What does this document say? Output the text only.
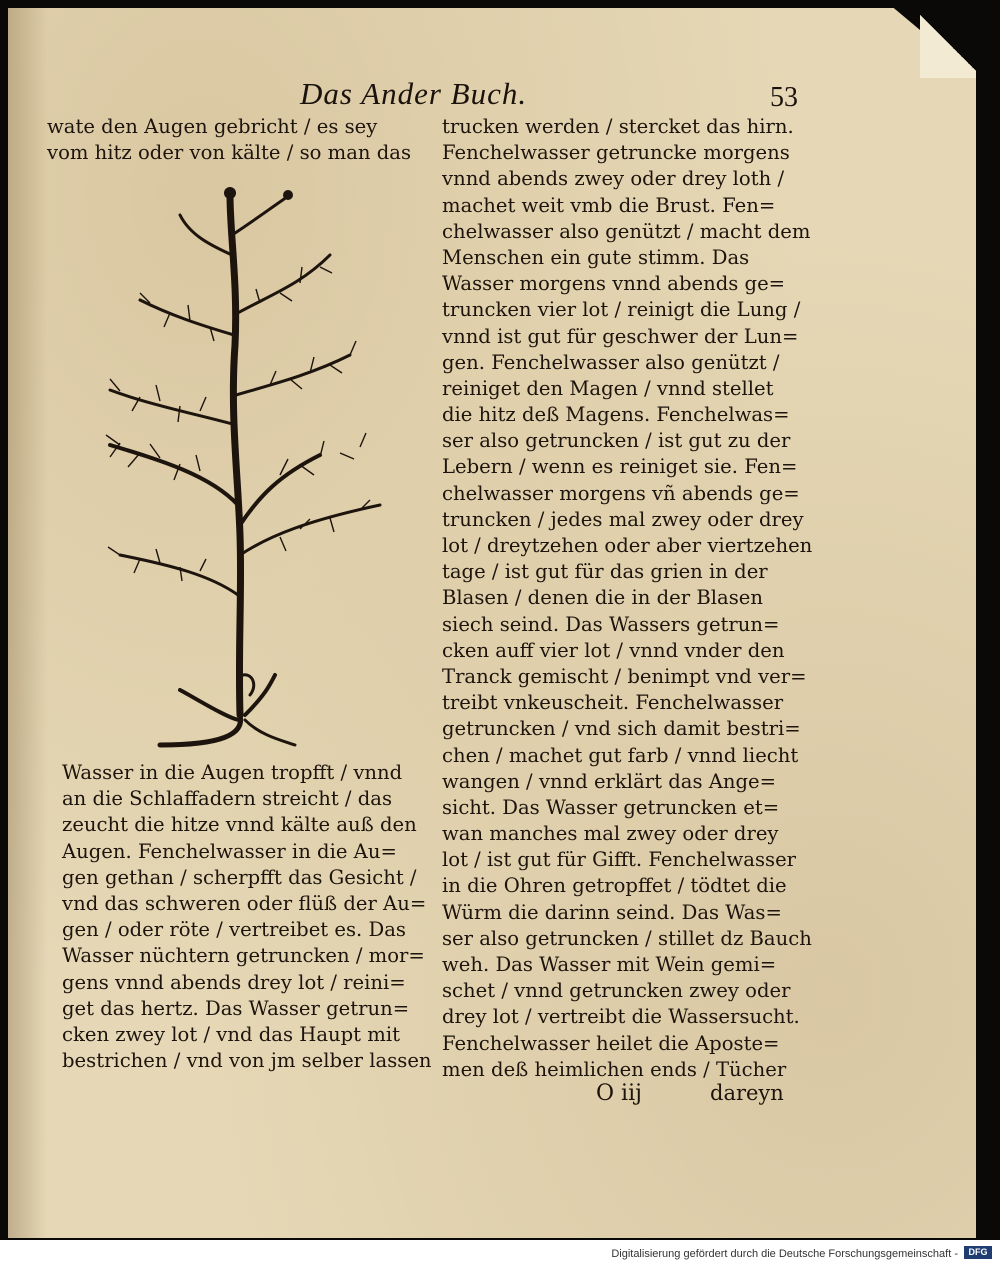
Das Ander Buch.	53
wate den Augen gebricht / es sey
vom hitz oder von kälte / so man das
Wasser in die Augen tropfft / vnnd
an die Schlaffadern streicht / das
zeucht die hitze vnnd kälte auß den
Augen. Fenchelwasser in die Au=
gen gethan / scherpfft das Gesicht /
vnd das schweren oder flüß der Au=
gen / oder röte / vertreibet es. Das
Wasser nüchtern getruncken / mor=
gens vnnd abends drey lot / reini=
get das hertz. Das Wasser getrun=
cken zwey lot / vnd das Haupt mit
bestrichen / vnd von jm selber lassen
trucken werden / stercket das hirn.
Fenchelwasser getruncke morgens
vnnd abends zwey oder drey loth /
machet weit vmb die Brust. Fen=
chelwasser also genützt / macht dem
Menschen ein gute stimm. Das
Wasser morgens vnnd abends ge=
truncken vier lot / reinigt die Lung /
vnnd ist gut für geschwer der Lun=
gen. Fenchelwasser also genützt /
reiniget den Magen / vnnd stellet
die hitz deß Magens. Fenchelwas=
ser also getruncken / ist gut zu der
Lebern / wenn es reiniget sie. Fen=
chelwasser morgens vñ abends ge=
truncken / jedes mal zwey oder drey
lot / dreytzehen oder aber viertzehen
tage / ist gut für das grien in der
Blasen / denen die in der Blasen
siech seind. Das Wassers getrun=
cken auff vier lot / vnnd vnder den
Tranck gemischt / benimpt vnd ver=
treibt vnkeuscheit. Fenchelwasser
getruncken / vnd sich damit bestri=
chen / machet gut farb / vnnd liecht
wangen / vnnd erklärt das Ange=
sicht. Das Wasser getruncken et=
wan manches mal zwey oder drey
lot / ist gut für Gifft. Fenchelwasser
in die Ohren getropffet / tödtet die
Würm die darinn seind. Das Was=
ser also getruncken / stillet dz Bauch
weh. Das Wasser mit Wein gemi=
schet / vnnd getruncken zwey oder
drey lot / vertreibt die Wassersucht.
Fenchelwasser heilet die Aposte=
men deß heimlichen ends / Tücher
O iij	dareyn
Digitalisierung gefördert durch die Deutsche Forschungsgemeinschaft -	DFG
